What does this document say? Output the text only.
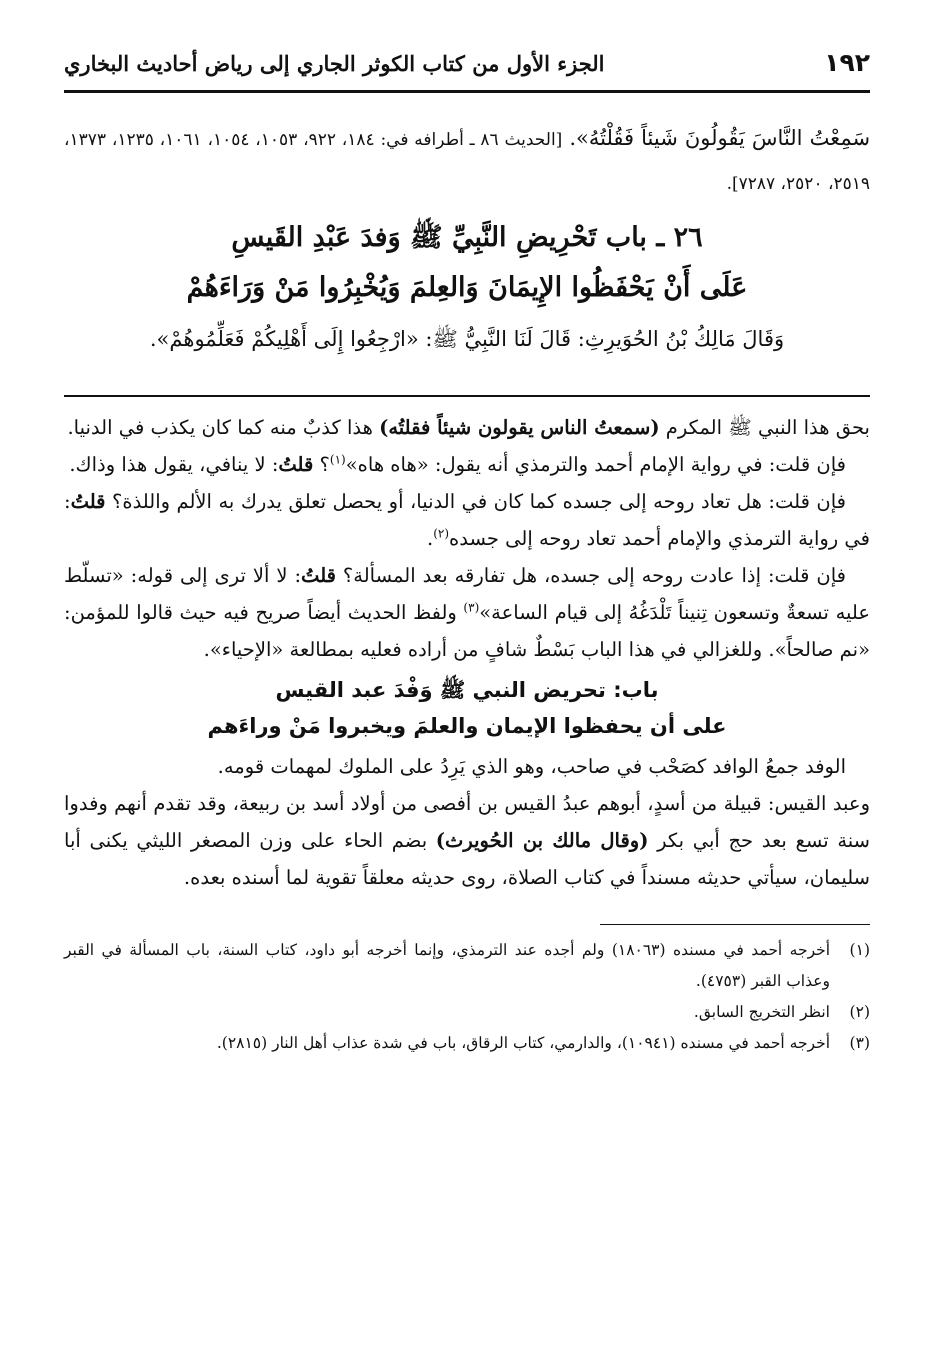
١٩٢
الجزء الأول من كتاب الكوثر الجاري إلى رياض أحاديث البخاري
سَمِعْتُ النَّاسَ يَقُولُونَ شَيئاً فَقُلْتُهُ». [الحديث ٨٦ ـ أطرافه في: ١٨٤، ٩٢٢، ١٠٥٣، ١٠٥٤، ١٠٦١، ١٢٣٥، ١٣٧٣، ٢٥١٩، ٢٥٢٠، ٧٢٨٧].
٢٦ ـ باب تَحْرِيضِ النَّبِيِّ ﷺ وَفدَ عَبْدِ القَيسِ
عَلَى أَنْ يَحْفَظُوا الإِيمَانَ وَالعِلمَ وَيُخْبِرُوا مَنْ وَرَاءَهُمْ
وَقَالَ مَالِكُ بْنُ الحُوَيرِثِ: قَالَ لَنَا النَّبِيُّ ﷺ: «ارْجِعُوا إِلَى أَهْلِيكُمْ فَعَلِّمُوهُمْ».

بحق هذا النبي ﷺ المكرم (سمعتُ الناس يقولون شيئاً فقلتُه) هذا كذبٌ منه كما كان يكذب في الدنيا.

فإن قلت: في رواية الإمام أحمد والترمذي أنه يقول: «هاه هاه»$^{(١)}$؟ قلتُ: لا ينافي، يقول هذا وذاك.

فإن قلت: هل تعاد روحه إلى جسده كما كان في الدنيا، أو يحصل تعلق يدرك به الألم واللذة؟ قلتُ: في رواية الترمذي والإمام أحمد تعاد روحه إلى جسده$^{(٢)}$.

فإن قلت: إذا عادت روحه إلى جسده، هل تفارقه بعد المسألة؟ قلتُ: لا ألا ترى إلى قوله: «تسلّط عليه تسعةٌ وتسعون تِنيناً تَلْدَغُهُ إلى قيام الساعة»$^{(٣)}$ ولفظ الحديث أيضاً صريح فيه حيث قالوا للمؤمن: «نم صالحاً». وللغزالي في هذا الباب بَسْطٌ شافٍ من أراده فعليه بمطالعة «الإحياء».

باب: تحريض النبي ﷺ وَفْدَ عبد القيس
على أن يحفظوا الإيمان والعلمَ ويخبروا مَنْ وراءَهم

الوفد جمعُ الوافد كصَحْب في صاحب، وهو الذي يَرِدُ على الملوك لمهمات قومه.

وعبد القيس: قبيلة من أسدٍ، أبوهم عبدُ القيس بن أفصى من أولاد أسد بن ربيعة، وقد تقدم أنهم وفدوا سنة تسع بعد حج أبي بكر (وقال مالك بن الحُويرث) بضم الحاء على وزن المصغر الليثي يكنى أبا سليمان، سيأتي حديثه مسنداً في كتاب الصلاة، روى حديثه معلقاً تقوية لما أسنده بعده.

(١)
أخرجه أحمد في مسنده (١٨٠٦٣) ولم أجده عند الترمذي، وإنما أخرجه أبو داود، كتاب السنة، باب المسألة في القبر وعذاب القبر (٤٧٥٣).
(٢)
انظر التخريج السابق.
(٣)
أخرجه أحمد في مسنده (١٠٩٤١)، والدارمي، كتاب الرقاق، باب في شدة عذاب أهل النار (٢٨١٥).
